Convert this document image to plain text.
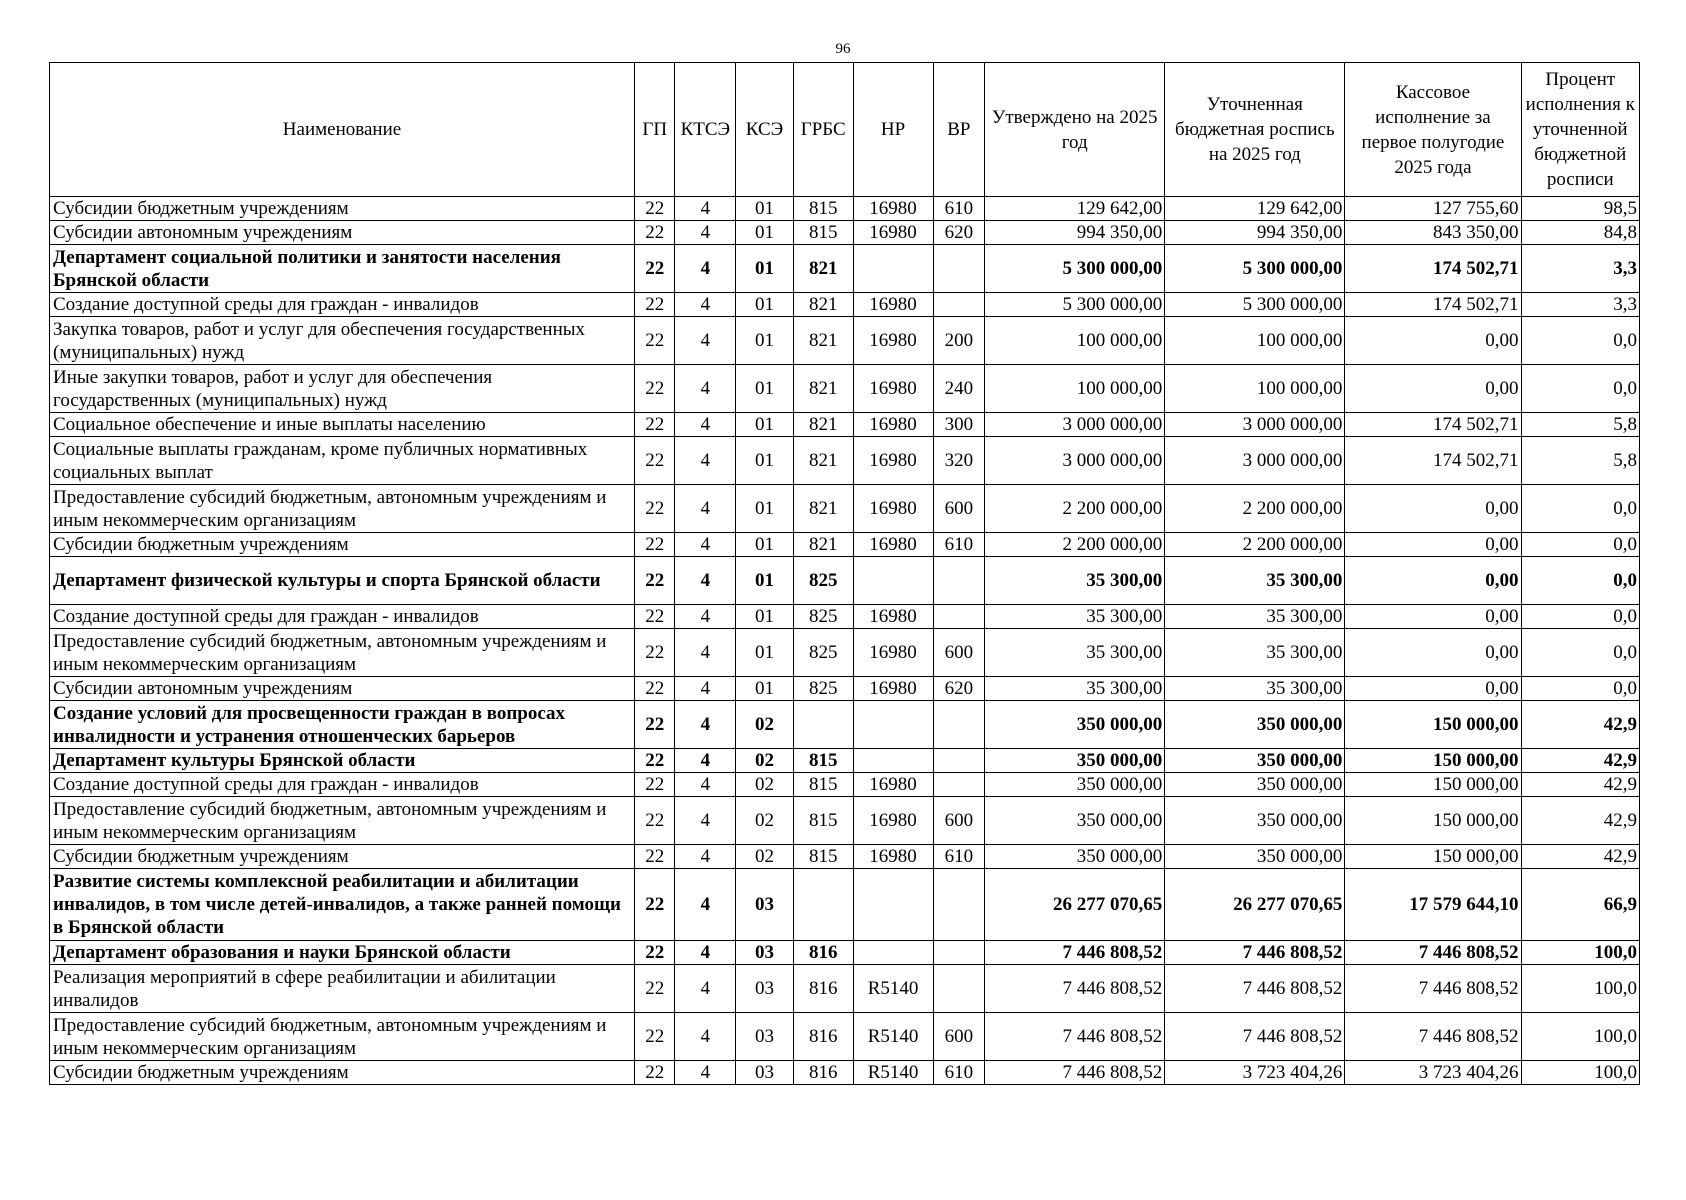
96
Наименование	ГП	КТСЭ	КСЭ	ГРБС	НР	ВР	Утверждено на 2025 год	Уточненная бюджетная роспись на 2025 год	Кассовое исполнение за первое полугодие 2025 года	Процент исполнения к уточненной бюджетной росписи
Субсидии бюджетным учреждениям	22	4	01	815	16980	610	129 642,00	129 642,00	127 755,60	98,5
Субсидии автономным учреждениям	22	4	01	815	16980	620	994 350,00	994 350,00	843 350,00	84,8
Департамент социальной политики и занятости населения Брянской области	22	4	01	821			5 300 000,00	5 300 000,00	174 502,71	3,3
Создание доступной среды для граждан - инвалидов	22	4	01	821	16980		5 300 000,00	5 300 000,00	174 502,71	3,3
Закупка товаров, работ и услуг для обеспечения государственных (муниципальных) нужд	22	4	01	821	16980	200	100 000,00	100 000,00	0,00	0,0
Иные закупки товаров, работ и услуг для обеспечения государственных (муниципальных) нужд	22	4	01	821	16980	240	100 000,00	100 000,00	0,00	0,0
Социальное обеспечение и иные выплаты населению	22	4	01	821	16980	300	3 000 000,00	3 000 000,00	174 502,71	5,8
Социальные выплаты гражданам, кроме публичных нормативных социальных выплат	22	4	01	821	16980	320	3 000 000,00	3 000 000,00	174 502,71	5,8
Предоставление субсидий бюджетным, автономным учреждениям и иным некоммерческим организациям	22	4	01	821	16980	600	2 200 000,00	2 200 000,00	0,00	0,0
Субсидии бюджетным учреждениям	22	4	01	821	16980	610	2 200 000,00	2 200 000,00	0,00	0,0
Департамент физической культуры и спорта Брянской области	22	4	01	825			35 300,00	35 300,00	0,00	0,0
Создание доступной среды для граждан - инвалидов	22	4	01	825	16980		35 300,00	35 300,00	0,00	0,0
Предоставление субсидий бюджетным, автономным учреждениям и иным некоммерческим организациям	22	4	01	825	16980	600	35 300,00	35 300,00	0,00	0,0
Субсидии автономным учреждениям	22	4	01	825	16980	620	35 300,00	35 300,00	0,00	0,0
Создание условий для просвещенности граждан в вопросах инвалидности и устранения отношенческих барьеров	22	4	02				350 000,00	350 000,00	150 000,00	42,9
Департамент культуры Брянской области	22	4	02	815			350 000,00	350 000,00	150 000,00	42,9
Создание доступной среды для граждан - инвалидов	22	4	02	815	16980		350 000,00	350 000,00	150 000,00	42,9
Предоставление субсидий бюджетным, автономным учреждениям и иным некоммерческим организациям	22	4	02	815	16980	600	350 000,00	350 000,00	150 000,00	42,9
Субсидии бюджетным учреждениям	22	4	02	815	16980	610	350 000,00	350 000,00	150 000,00	42,9
Развитие системы комплексной реабилитации и абилитации инвалидов, в том числе детей-инвалидов, а также ранней помощи в Брянской области	22	4	03				26 277 070,65	26 277 070,65	17 579 644,10	66,9
Департамент образования и науки Брянской области	22	4	03	816			7 446 808,52	7 446 808,52	7 446 808,52	100,0
Реализация мероприятий в сфере реабилитации и абилитации инвалидов	22	4	03	816	R5140		7 446 808,52	7 446 808,52	7 446 808,52	100,0
Предоставление субсидий бюджетным, автономным учреждениям и иным некоммерческим организациям	22	4	03	816	R5140	600	7 446 808,52	7 446 808,52	7 446 808,52	100,0
Субсидии бюджетным учреждениям	22	4	03	816	R5140	610	7 446 808,52	3 723 404,26	3 723 404,26	100,0
